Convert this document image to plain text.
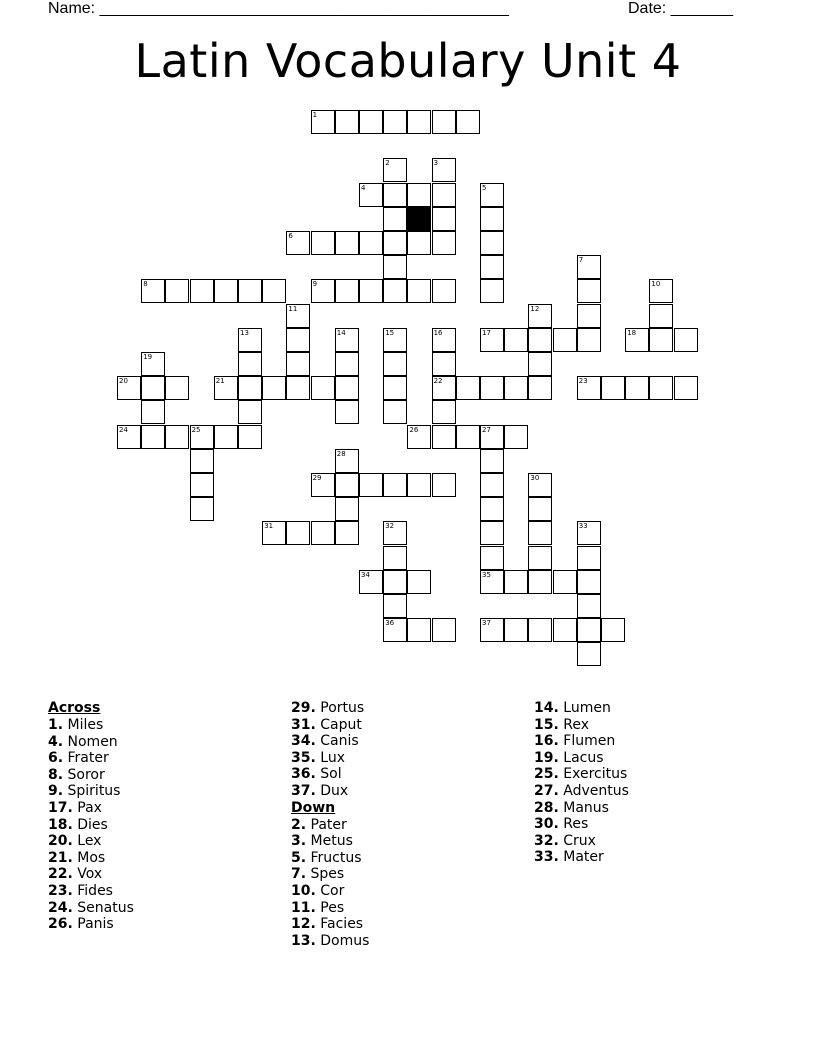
Name: ______________________________________________	Date: _______
Latin Vocabulary Unit 4
1
2	3
4
6
5
7
8	9	10
11	12
13	14	15	16
22
17	18
19
20	21	23
24	25	26	27
35
28
29	30
31	32
36
33
34
37
Across
1. Miles
4. Nomen
6. Frater
8. Soror
9. Spiritus
17. Pax
18. Dies
20. Lex
21. Mos
22. Vox
23. Fides
24. Senatus
26. Panis
29. Portus
31. Caput
34. Canis
35. Lux
36. Sol
37. Dux
Down
2. Pater
3. Metus
5. Fructus
7. Spes
10. Cor
11. Pes
12. Facies
13. Domus
14. Lumen
15. Rex
16. Flumen
19. Lacus
25. Exercitus
27. Adventus
28. Manus
30. Res
32. Crux
33. Mater
